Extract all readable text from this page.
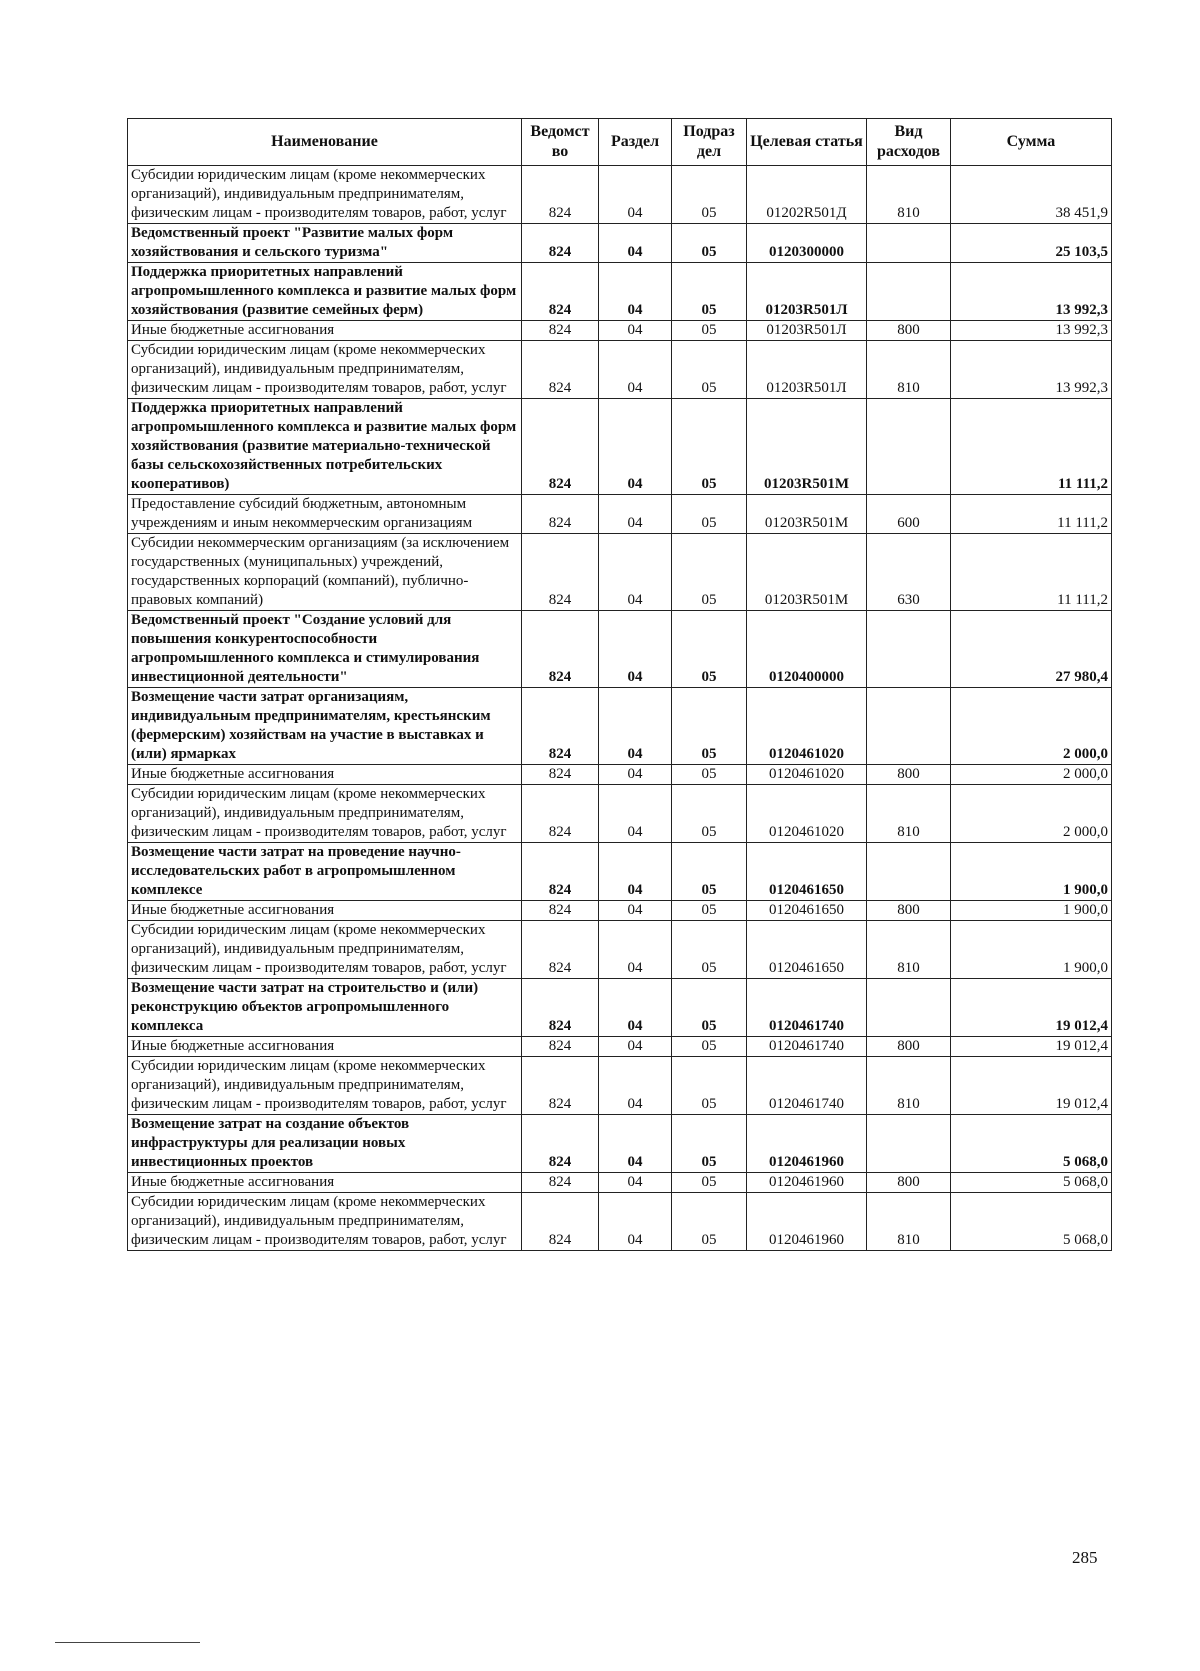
Наименование	Ведомст во	Раздел	Подраз дел	Целевая статья	Вид расходов	Сумма
Субсидии юридическим лицам (кроме некоммерческих организаций), индивидуальным предпринимателям, физическим лицам - производителям товаров, работ, услуг	824	04	05	01202R501Д	810	38 451,9
Ведомственный проект "Развитие малых форм хозяйствования и сельского туризма"	824	04	05	0120300000		25 103,5
Поддержка приоритетных направлений агропромышленного комплекса и развитие малых форм хозяйствования (развитие семейных ферм)	824	04	05	01203R501Л		13 992,3
Иные бюджетные ассигнования	824	04	05	01203R501Л	800	13 992,3
Субсидии юридическим лицам (кроме некоммерческих организаций), индивидуальным предпринимателям, физическим лицам - производителям товаров, работ, услуг	824	04	05	01203R501Л	810	13 992,3
Поддержка приоритетных направлений агропромышленного комплекса и развитие малых форм хозяйствования (развитие материально-технической базы сельскохозяйственных потребительских кооперативов)	824	04	05	01203R501М		11 111,2
Предоставление субсидий бюджетным, автономным учреждениям и иным некоммерческим организациям	824	04	05	01203R501М	600	11 111,2
Субсидии некоммерческим организациям (за исключением государственных (муниципальных) учреждений, государственных корпораций (компаний), публично-правовых компаний)	824	04	05	01203R501М	630	11 111,2
Ведомственный проект "Создание условий для повышения конкурентоспособности агропромышленного комплекса и стимулирования инвестиционной деятельности"	824	04	05	0120400000		27 980,4
Возмещение части затрат организациям, индивидуальным предпринимателям, крестьянским (фермерским) хозяйствам на участие в выставках и (или) ярмарках	824	04	05	0120461020		2 000,0
Иные бюджетные ассигнования	824	04	05	0120461020	800	2 000,0
Субсидии юридическим лицам (кроме некоммерческих организаций), индивидуальным предпринимателям, физическим лицам - производителям товаров, работ, услуг	824	04	05	0120461020	810	2 000,0
Возмещение части затрат на проведение научно-исследовательских работ в агропромышленном комплексе	824	04	05	0120461650		1 900,0
Иные бюджетные ассигнования	824	04	05	0120461650	800	1 900,0
Субсидии юридическим лицам (кроме некоммерческих организаций), индивидуальным предпринимателям, физическим лицам - производителям товаров, работ, услуг	824	04	05	0120461650	810	1 900,0
Возмещение части затрат на строительство и (или) реконструкцию объектов агропромышленного комплекса	824	04	05	0120461740		19 012,4
Иные бюджетные ассигнования	824	04	05	0120461740	800	19 012,4
Субсидии юридическим лицам (кроме некоммерческих организаций), индивидуальным предпринимателям, физическим лицам - производителям товаров, работ, услуг	824	04	05	0120461740	810	19 012,4
Возмещение затрат на создание объектов инфраструктуры для реализации новых инвестиционных проектов	824	04	05	0120461960		5 068,0
Иные бюджетные ассигнования	824	04	05	0120461960	800	5 068,0
Субсидии юридическим лицам (кроме некоммерческих организаций), индивидуальным предпринимателям, физическим лицам - производителям товаров, работ, услуг	824	04	05	0120461960	810	5 068,0
285
